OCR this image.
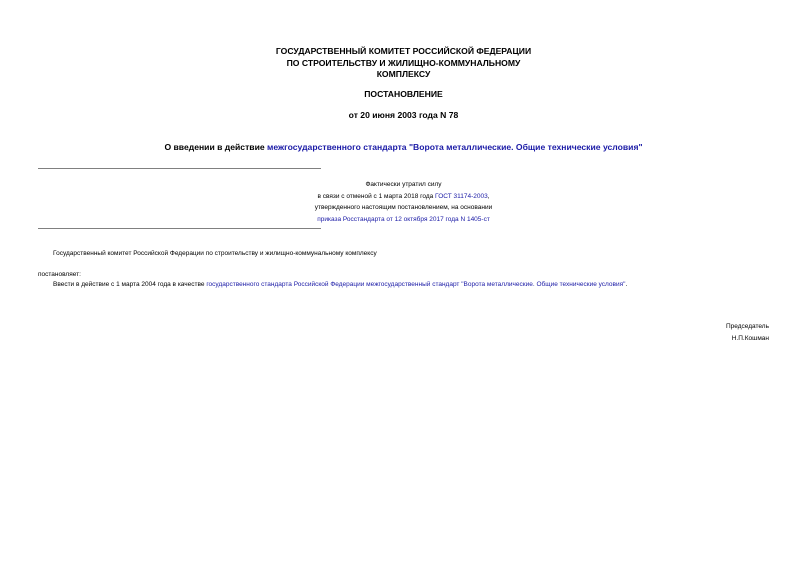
ГОСУДАРСТВЕННЫЙ КОМИТЕТ РОССИЙСКОЙ ФЕДЕРАЦИИ
ПО СТРОИТЕЛЬСТВУ И ЖИЛИЩНО-КОММУНАЛЬНОМУ
КОМПЛЕКСУ
ПОСТАНОВЛЕНИЕ
от 20 июня 2003 года N 78
О введении в действие межгосударственного стандарта "Ворота металлические. Общие технические условия"
Фактически утратил силу
в связи с отменой с 1 марта 2018 года ГОСТ 31174-2003,
утвержденного настоящим постановлением, на основании
приказа Росстандарта от 12 октября 2017 года N 1405-ст
Государственный комитет Российской Федерации по строительству и жилищно-коммунальному комплексу
постановляет:
Ввести в действие с 1 марта 2004 года в качестве государственного стандарта Российской Федерации межгосударственный стандарт "Ворота металлические. Общие технические условия".
Председатель
Н.П.Кошман
